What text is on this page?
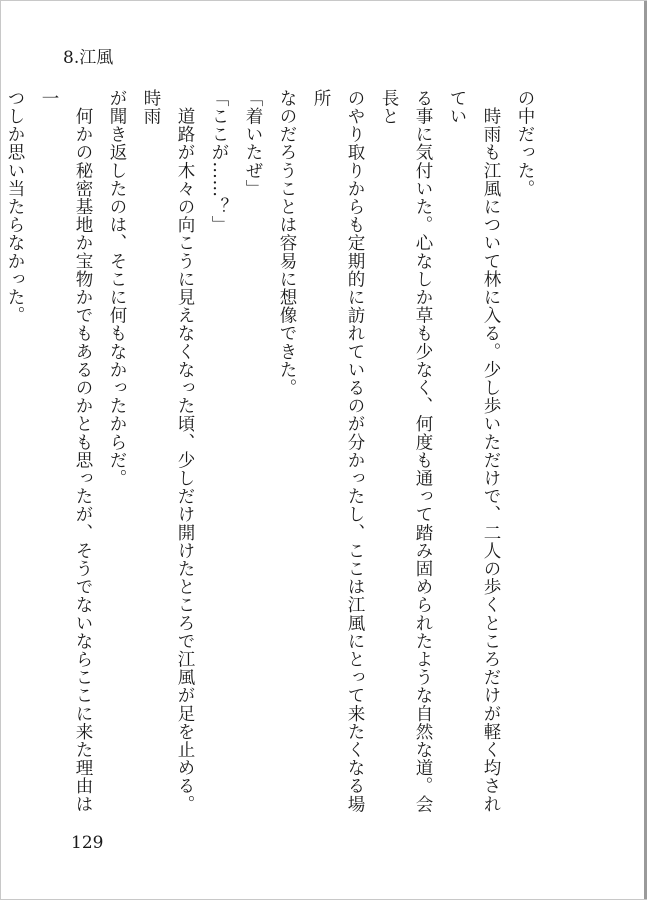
8.江風

の中だった。

　時雨も江風について林に入る。少し歩いただけで、二人の歩くところだけが軽く均されてい

る事に気付いた。心なしか草も少なく、何度も通って踏み固められたような自然な道。会長と

のやり取りからも定期的に訪れているのが分かったし、ここは江風にとって来たくなる場所

なのだろうことは容易に想像できた。

「着いたぜ」

「ここが……？」

　道路が木々の向こうに見えなくなった頃、少しだけ開けたところで江風が足を止める。時雨

が聞き返したのは、そこに何もなかったからだ。

　何かの秘密基地か宝物かでもあるのかとも思ったが、そうでないならここに来た理由は一

つしか思い当たらなかった。

129
